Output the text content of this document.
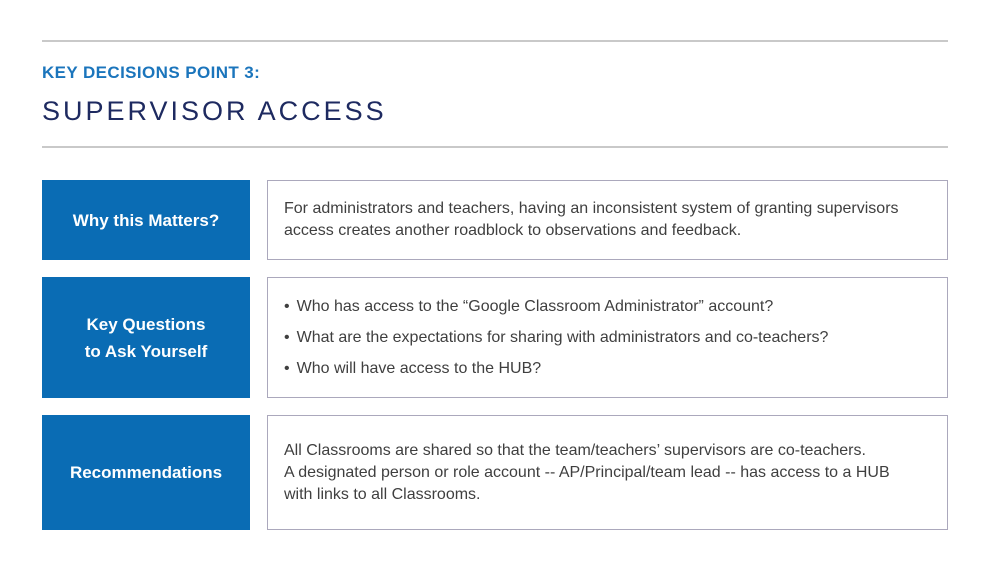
KEY DECISIONS POINT 3:
SUPERVISOR ACCESS
Why this Matters?

For administrators and teachers, having an inconsistent system of granting supervisors access creates another roadblock to observations and feedback.

Key Questions
to Ask Yourself
• Who has access to the “Google Classroom Administrator” account?
• What are the expectations for sharing with administrators and co-teachers?
• Who will have access to the HUB?
Recommendations

All Classrooms are shared so that the team/teachers’ supervisors are co-teachers.

A designated person or role account -- AP/Principal/team lead -- has access to a HUB with links to all Classrooms.
